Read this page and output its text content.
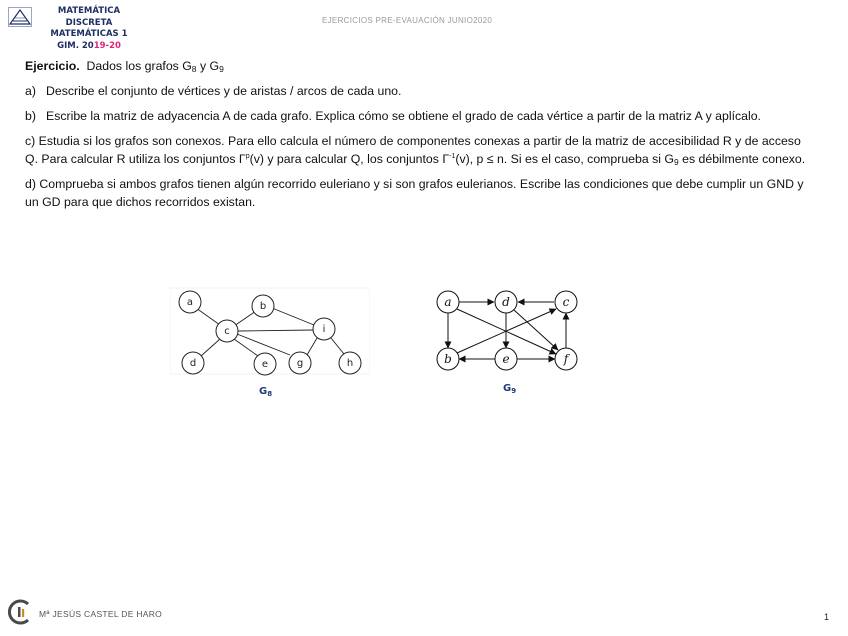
MATEMÁTICA DISCRETA
MATEMÁTICAS 1
GIM. 2019-20
EJERCICIOS PRE-EVAUACIÓN JUNIO2020

Ejercicio. Dados los grafos $G_8$ y $G_9$

a) Describe el conjunto de vértices y de aristas / arcos de cada uno.

b) Escribe la matriz de adyacencia A de cada grafo. Explica cómo se obtiene el grado de cada vértice a partir de la matriz A y aplícalo.

c) Estudia si los grafos son conexos. Para ello calcula el número de componentes conexas a partir de la matriz de accesibilidad R y de acceso Q. Para calcular R utiliza los conjuntos $\Gamma^p(v)$ y para calcular Q, los conjuntos $\Gamma^{-1}(v)$, p ≤ n. Si es el caso, comprueba si $G_9$ es débilmente conexo.

d) Comprueba si ambos grafos tienen algún recorrido euleriano y si son grafos eulerianos. Escribe las condiciones que debe cumplir un GND y un GD para que dichos recorridos existan.

a	b
c
d	e	g	h
i
$G_8$
a	d	c
b	e	f
$G_9$
Mª JESÚS CASTEL DE HARO	1
